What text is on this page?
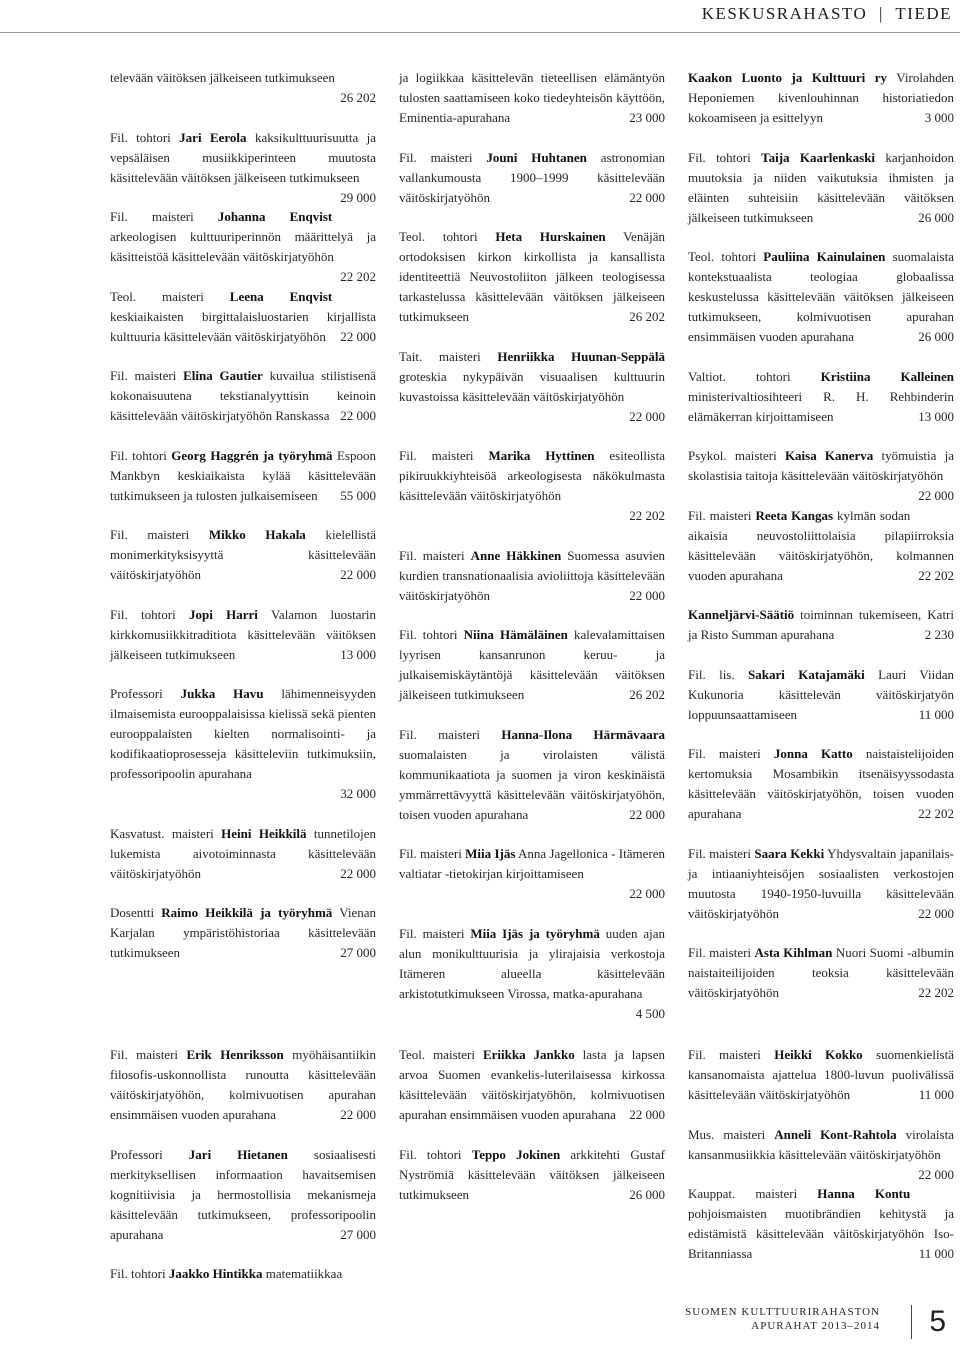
KESKUSRAHASTO | TIEDE

televään väitöksen jälkeiseen tutkimukseen
26 202

Fil. tohtori Jari Eerola kaksikulttuurisuutta ja vepsäläisen musiikkiperinteen muutosta käsittelevään väitöksen jälkeiseen tutkimukseen
29 000

Fil. maisteri Johanna Enqvist arkeologisen kulttuuriperinnön määrittelyä ja käsitteistöä käsittelevään väitöskirjatyöhön
22 202

Teol. maisteri Leena Enqvist keskiaikaisten birgittalaisluostarien kirjallista kulttuuria käsittelevään väitöskirjatyöhön 22 000

Fil. maisteri Elina Gautier kuvailua stilistisenä kokonaisuutena tekstianalyyttisin keinoin käsittelevään väitöskirjatyöhön Ranskassa 22 000

Fil. tohtori Georg Haggrén ja työryhmä Espoon Mankbyn keskiaikaista kylää käsittelevään tutkimukseen ja tulosten julkaisemiseen 55 000

Fil. maisteri Mikko Hakala kielellistä monimerkityksisyyttä käsittelevään väitöskirjatyöhön	22 000

Fil. tohtori Jopi Harri Valamon luostarin kirkkomusiikkitraditiota käsittelevään väitöksen jälkeiseen tutkimukseen	13 000

Professori Jukka Havu lähimenneisyyden ilmaisemista eurooppalaisissa kielissä sekä pienten eurooppalaisten kielten normalisointi- ja kodifikaatioprosesseja käsitteleviin tutkimuksiin, professoripoolin apurahana
32 000

Kasvatust. maisteri Heini Heikkilä tunnetilojen lukemista aivotoiminnasta käsittelevään väitöskirjatyöhön	22 000

Dosentti Raimo Heikkilä ja työryhmä Vienan Karjalan ympäristöhistoriaa käsittelevään tutkimukseen	27 000

ja logiikkaa käsittelevän tieteellisen elämäntyön tulosten saattamiseen koko tiedeyhteisön käyttöön, Eminentia-apurahana	23 000

Fil. maisteri Jouni Huhtanen astronomian vallankumousta 1900–1999 käsittelevään väitöskirjatyöhön	22 000

Teol. tohtori Heta Hurskainen Venäjän ortodoksisen kirkon kirkollista ja kansallista identiteettiä Neuvostoliiton jälkeen teologisessa tarkastelussa käsittelevään väitöksen jälkeiseen tutkimukseen	26 202

Tait. maisteri Henriikka Huunan-Seppälä groteskia nykypäivän visuaalisen kulttuurin kuvastoissa käsittelevään väitöskirjatyöhön
22 000

Fil. maisteri Marika Hyttinen esiteollista pikiruukkiyhteisöä arkeologisesta näkökulmasta käsittelevään väitöskirjatyöhön
22 202

Fil. maisteri Anne Häkkinen Suomessa asuvien kurdien transnationaalisia avioliittoja käsittelevään väitöskirjatyöhön	22 000

Fil. tohtori Niina Hämäläinen kalevalamittaisen lyyrisen kansanrunon keruu- ja julkaisemiskäytäntöjä käsittelevään väitöksen jälkeiseen tutkimukseen	26 202

Fil. maisteri Hanna-Ilona Härmävaara suomalaisten ja virolaisten välistä kommunikaatiota ja suomen ja viron keskinäistä ymmärrettävyyttä käsittelevään väitöskirjatyöhön, toisen vuoden apurahana	22 000

Fil. maisteri Miia Ijäs Anna Jagellonica - Itämeren valtiatar -tietokirjan kirjoittamiseen
22 000

Fil. maisteri Miia Ijäs ja työryhmä uuden ajan alun monikulttuurisia ja ylirajaisia verkostoja Itämeren alueella käsittelevään arkistotutkimukseen Virossa, matka-apurahana
4 500

Kaakon Luonto ja Kulttuuri ry Virolahden Heponiemen kivenlouhinnan historiatiedon kokoamiseen ja esittelyyn	3 000

Fil. tohtori Taija Kaarlenkaski karjanhoidon muutoksia ja niiden vaikutuksia ihmisten ja eläinten suhteisiin käsittelevään väitöksen jälkeiseen tutkimukseen	26 000

Teol. tohtori Pauliina Kainulainen suomalaista kontekstuaalista teologiaa globaalissa keskustelussa käsittelevään väitöksen jälkeiseen tutkimukseen, kolmivuotisen apurahan ensimmäisen vuoden apurahana	26 000

Valtiot. tohtori Kristiina Kalleinen ministerivaltiosihteeri R. H. Rehbinderin elämäkerran kirjoittamiseen	13 000

Psykol. maisteri Kaisa Kanerva työmuistia ja skolastisia taitoja käsittelevään väitöskirjatyöhön
22 000

Fil. maisteri Reeta Kangas kylmän sodan aikaisia neuvostoliittolaisia pilapiirroksia käsittelevään väitöskirjatyöhön, kolmannen vuoden apurahana	22 202

Kanneljärvi-Säätiö toiminnan tukemiseen, Katri ja Risto Summan apurahana	2 230

Fil. lis. Sakari Katajamäki Lauri Viidan Kukunoria käsittelevän väitöskirjatyön loppuunsaattamiseen	11 000

Fil. maisteri Jonna Katto naistaistelijoiden kertomuksia Mosambikin itsenäisyyssodasta käsittelevään väitöskirjatyöhön, toisen vuoden apurahana	22 202

Fil. maisteri Saara Kekki Yhdysvaltain japanilais- ja intiaaniyhteisöjen sosiaalisten verkostojen muutosta 1940-1950-luvuilla käsittelevään väitöskirjatyöhön	22 000

Fil. maisteri Asta Kihlman Nuori Suomi -albumin naistaiteilijoiden teoksia käsittelevään väitöskirjatyöhön	22 202

Fil. maisteri Erik Henriksson myöhäisantiikin filosofis-uskonnollista runoutta käsittelevään väitöskirjatyöhön, kolmivuotisen apurahan ensimmäisen vuoden apurahana	22 000

Professori Jari Hietanen sosiaalisesti merkityksellisen informaation havaitsemisen kognitiivisia ja hermostollisia mekanismeja käsittelevään tutkimukseen, professoripoolin apurahana	27 000

Fil. tohtori Jaakko Hintikka matematiikkaa

Teol. maisteri Eriikka Jankko lasta ja lapsen arvoa Suomen evankelis-luterilaisessa kirkossa käsittelevään väitöskirjatyöhön, kolmivuotisen apurahan ensimmäisen vuoden apurahana 22 000

Fil. tohtori Teppo Jokinen arkkitehti Gustaf Nyströmiä käsittelevään väitöksen jälkeiseen tutkimukseen	26 000

Fil. maisteri Heikki Kokko suomenkielistä kansanomaista ajattelua 1800-luvun puolivälissä käsittelevään väitöskirjatyöhön	11 000

Mus. maisteri Anneli Kont-Rahtola virolaista kansanmusiikkia käsittelevään väitöskirjatyöhön
22 000

Kauppat. maisteri Hanna Kontu pohjoismaisten muotibrändien kehitystä ja edistämistä käsittelevään väitöskirjatyöhön Iso-Britanniassa	11 000

SUOMEN KULTTUURIRAHASTON
APURAHAT 2013–2014 5
